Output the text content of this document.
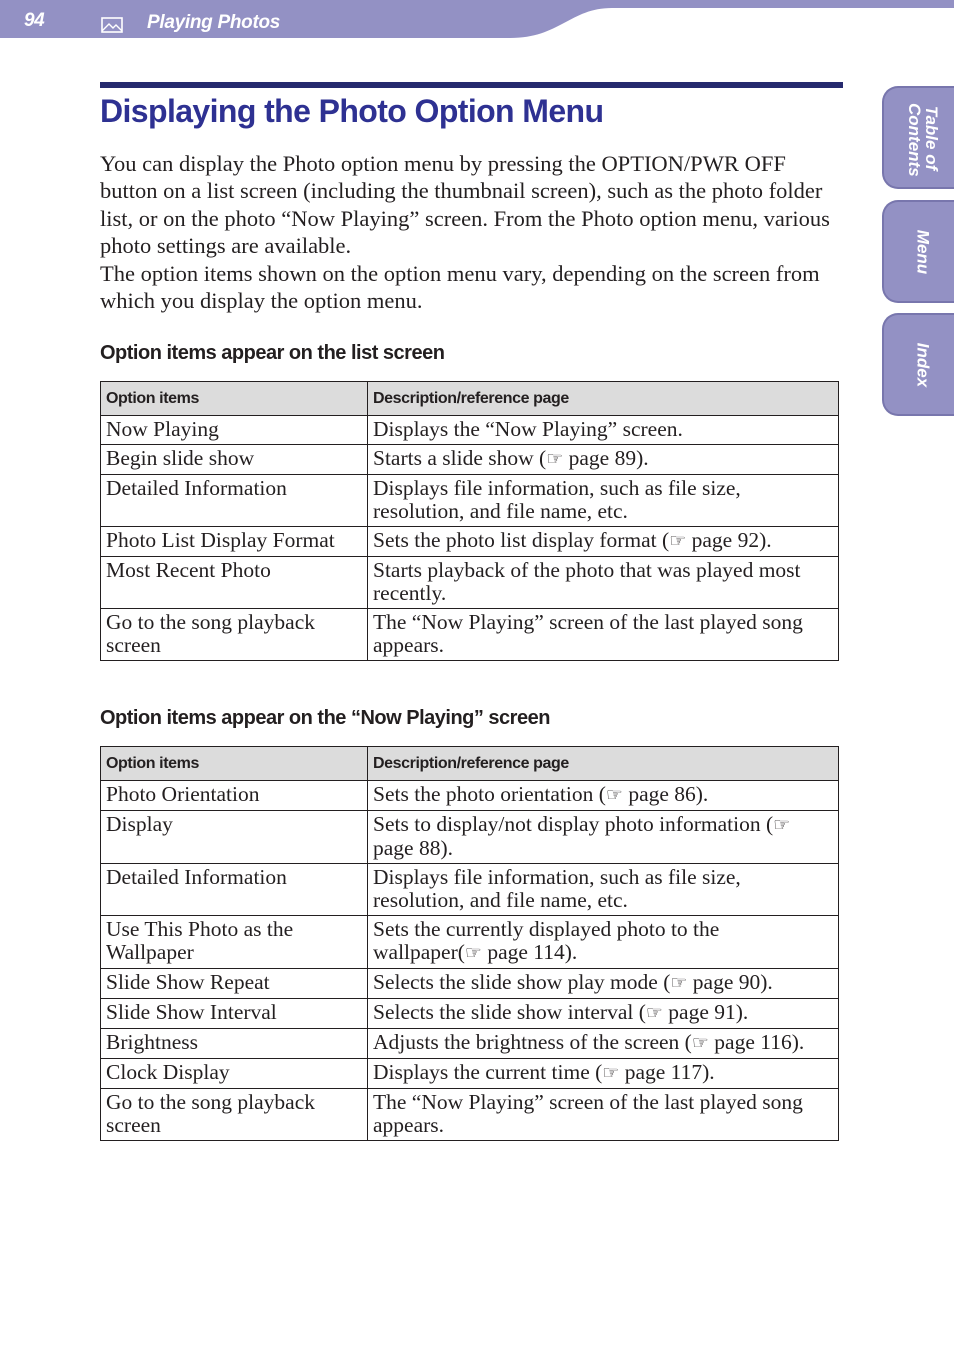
94	Playing Photos
Table of Contents
Menu
Index
Displaying the Photo Option Menu

You can display the Photo option menu by pressing the OPTION/PWR OFF button on a list screen (including the thumbnail screen), such as the photo folder list, or on the photo “Now Playing” screen. From the Photo option menu, various photo settings are available.

The option items shown on the option menu vary, depending on the screen from which you display the option menu.

Option items appear on the list screen
Option items	Description/reference page
Now Playing	Displays the “Now Playing” screen.
Begin slide show	Starts a slide show (☞ page 89).
Detailed Information	Displays file information, such as file size, resolution, and file name, etc.
Photo List Display Format	Sets the photo list display format (☞ page 92).
Most Recent Photo	Starts playback of the photo that was played most recently.
Go to the song playback screen	The “Now Playing” screen of the last played song appears.
Option items appear on the “Now Playing” screen
Option items	Description/reference page
Photo Orientation	Sets the photo orientation (☞ page 86).
Display	Sets to display/not display photo information (☞ page 88).
Detailed Information	Displays file information, such as file size, resolution, and file name, etc.
Use This Photo as the Wallpaper	Sets the currently displayed photo to the wallpaper(☞ page 114).
Slide Show Repeat	Selects the slide show play mode (☞ page 90).
Slide Show Interval	Selects the slide show interval (☞ page 91).
Brightness	Adjusts the brightness of the screen (☞ page 116).
Clock Display	Displays the current time (☞ page 117).
Go to the song playback screen	The “Now Playing” screen of the last played song appears.
